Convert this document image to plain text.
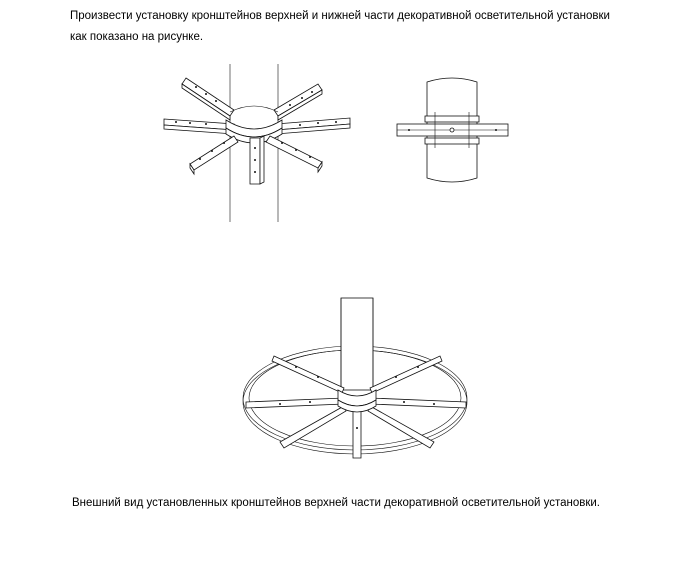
Произвести установку кронштейнов верхней и нижней части декоративной осветительной установки
как показано на рисунке.

Внешний вид установленных кронштейнов верхней части декоративной осветительной установки.
